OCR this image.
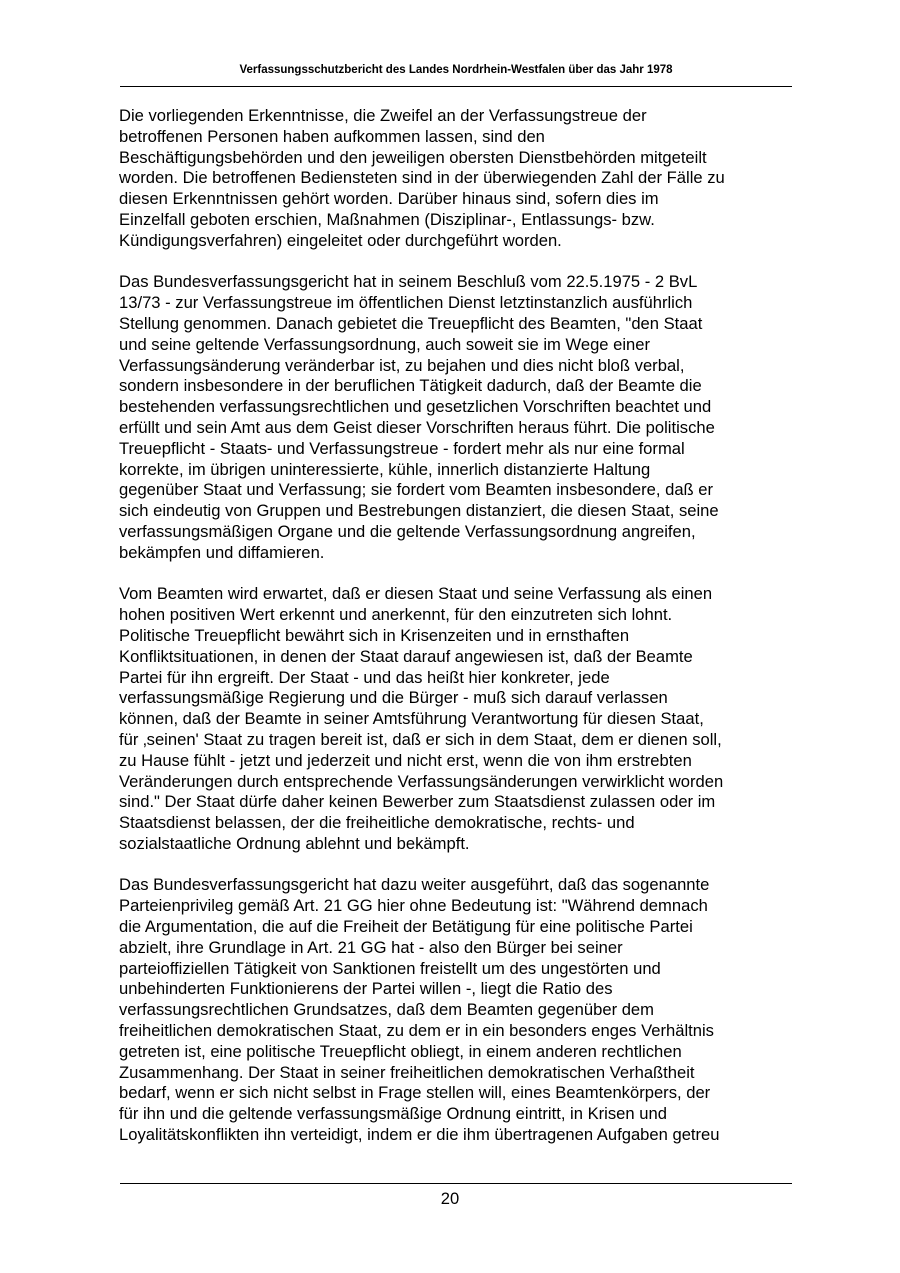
Verfassungsschutzbericht des Landes Nordrhein-Westfalen über das Jahr 1978
Die vorliegenden Erkenntnisse, die Zweifel an der Verfassungstreue der
betroffenen Personen haben aufkommen lassen, sind den
Beschäftigungsbehörden und den jeweiligen obersten Dienstbehörden mitgeteilt
worden. Die betroffenen Bediensteten sind in der überwiegenden Zahl der Fälle zu
diesen Erkenntnissen gehört worden. Darüber hinaus sind, sofern dies im
Einzelfall geboten erschien, Maßnahmen (Disziplinar-, Entlassungs- bzw.
Kündigungsverfahren) eingeleitet oder durchgeführt worden.
Das Bundesverfassungsgericht hat in seinem Beschluß vom 22.5.1975 - 2 BvL
13/73 - zur Verfassungstreue im öffentlichen Dienst letztinstanzlich ausführlich
Stellung genommen. Danach gebietet die Treuepflicht des Beamten, "den Staat
und seine geltende Verfassungsordnung, auch soweit sie im Wege einer
Verfassungsänderung veränderbar ist, zu bejahen und dies nicht bloß verbal,
sondern insbesondere in der beruflichen Tätigkeit dadurch, daß der Beamte die
bestehenden verfassungsrechtlichen und gesetzlichen Vorschriften beachtet und
erfüllt und sein Amt aus dem Geist dieser Vorschriften heraus führt. Die politische
Treuepflicht - Staats- und Verfassungstreue - fordert mehr als nur eine formal
korrekte, im übrigen uninteressierte, kühle, innerlich distanzierte Haltung
gegenüber Staat und Verfassung; sie fordert vom Beamten insbesondere, daß er
sich eindeutig von Gruppen und Bestrebungen distanziert, die diesen Staat, seine
verfassungsmäßigen Organe und die geltende Verfassungsordnung angreifen,
bekämpfen und diffamieren.
Vom Beamten wird erwartet, daß er diesen Staat und seine Verfassung als einen
hohen positiven Wert erkennt und anerkennt, für den einzutreten sich lohnt.
Politische Treuepflicht bewährt sich in Krisenzeiten und in ernsthaften
Konfliktsituationen, in denen der Staat darauf angewiesen ist, daß der Beamte
Partei für ihn ergreift. Der Staat - und das heißt hier konkreter, jede
verfassungsmäßige Regierung und die Bürger - muß sich darauf verlassen
können, daß der Beamte in seiner Amtsführung Verantwortung für diesen Staat,
für ‚seinen' Staat zu tragen bereit ist, daß er sich in dem Staat, dem er dienen soll,
zu Hause fühlt - jetzt und jederzeit und nicht erst, wenn die von ihm erstrebten
Veränderungen durch entsprechende Verfassungsänderungen verwirklicht worden
sind." Der Staat dürfe daher keinen Bewerber zum Staatsdienst zulassen oder im
Staatsdienst belassen, der die freiheitliche demokratische, rechts- und
sozialstaatliche Ordnung ablehnt und bekämpft.
Das Bundesverfassungsgericht hat dazu weiter ausgeführt, daß das sogenannte
Parteienprivileg gemäß Art. 21 GG hier ohne Bedeutung ist: "Während demnach
die Argumentation, die auf die Freiheit der Betätigung für eine politische Partei
abzielt, ihre Grundlage in Art. 21 GG hat - also den Bürger bei seiner
parteioffiziellen Tätigkeit von Sanktionen freistellt um des ungestörten und
unbehinderten Funktionierens der Partei willen -, liegt die Ratio des
verfassungsrechtlichen Grundsatzes, daß dem Beamten gegenüber dem
freiheitlichen demokratischen Staat, zu dem er in ein besonders enges Verhältnis
getreten ist, eine politische Treuepflicht obliegt, in einem anderen rechtlichen
Zusammenhang. Der Staat in seiner freiheitlichen demokratischen Verhaßtheit
bedarf, wenn er sich nicht selbst in Frage stellen will, eines Beamtenkörpers, der
für ihn und die geltende verfassungsmäßige Ordnung eintritt, in Krisen und
Loyalitätskonflikten ihn verteidigt, indem er die ihm übertragenen Aufgaben getreu
20
